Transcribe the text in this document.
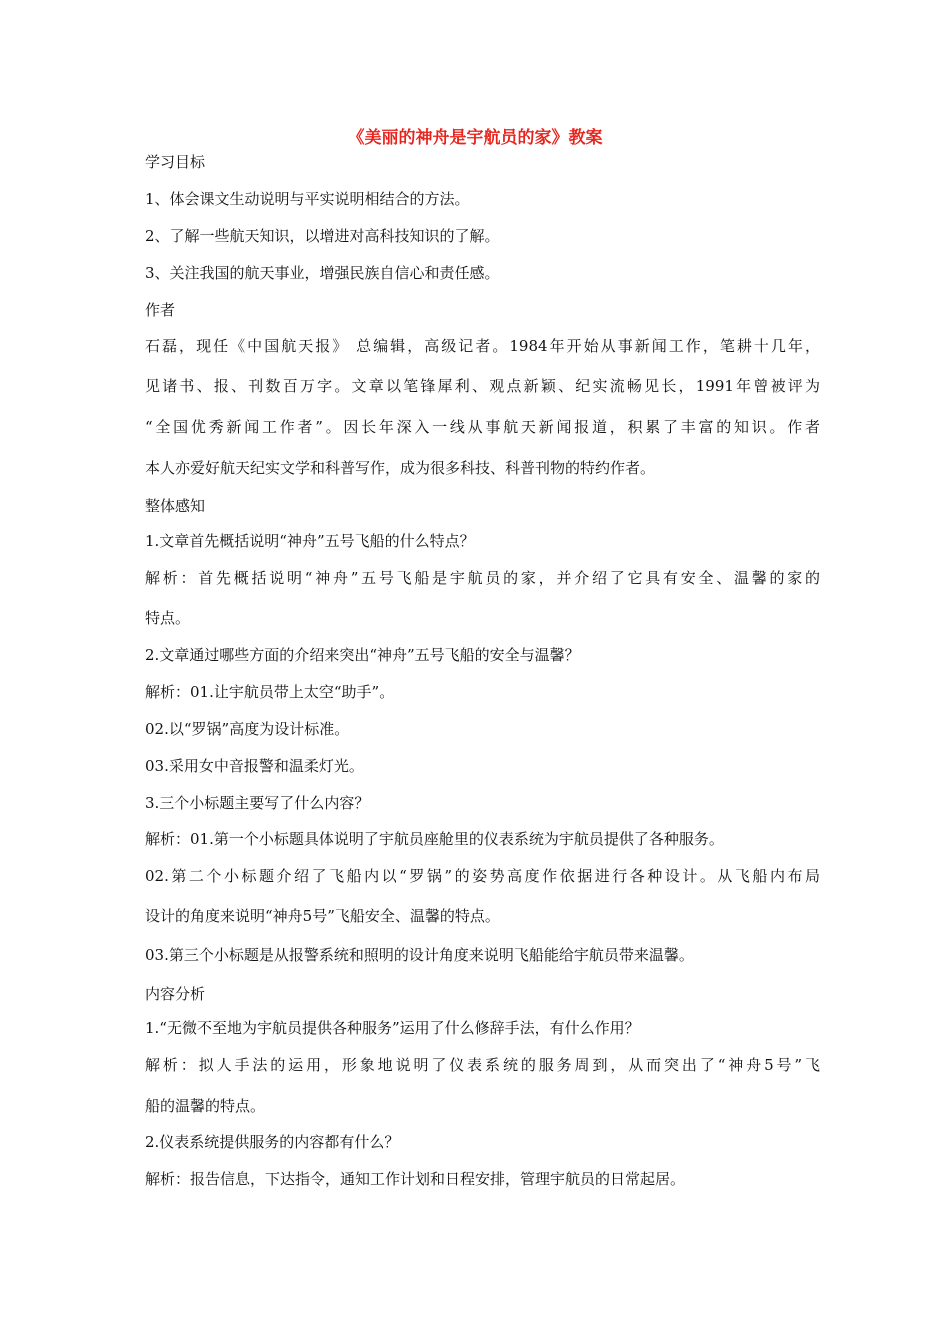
《美丽的神舟是宇航员的家》教案
学习目标
1、体会课文生动说明与平实说明相结合的方法。
2、了解一些航天知识，以增进对高科技知识的了解。
3、关注我国的航天事业，增强民族自信心和责任感。
作者
石磊，现任《中国航天报》 总编辑，高级记者。1984年开始从事新闻工作，笔耕十几年，
见诸书、报、刊数百万字。文章以笔锋犀利、观点新颖、纪实流畅见长，1991年曾被评为
“全国优秀新闻工作者”。因长年深入一线从事航天新闻报道，积累了丰富的知识。作者
本人亦爱好航天纪实文学和科普写作，成为很多科技、科普刊物的特约作者。
整体感知
1.文章首先概括说明“神舟”五号飞船的什么特点？
解析：首先概括说明“神舟”五号飞船是宇航员的家，并介绍了它具有安全、温馨的家的
特点。
2.文章通过哪些方面的介绍来突出“神舟”五号飞船的安全与温馨？
解析：01.让宇航员带上太空“助手”。
02.以“罗锅”高度为设计标准。
03.采用女中音报警和温柔灯光。
3.三个小标题主要写了什么内容？
解析：01.第一个小标题具体说明了宇航员座舱里的仪表系统为宇航员提供了各种服务。
02.第二个小标题介绍了飞船内以“罗锅”的姿势高度作依据进行各种设计。从飞船内布局
设计的角度来说明“神舟5号”飞船安全、温馨的特点。
03.第三个小标题是从报警系统和照明的设计角度来说明飞船能给宇航员带来温馨。
内容分析
1.“无微不至地为宇航员提供各种服务”运用了什么修辞手法，有什么作用？
解析：拟人手法的运用，形象地说明了仪表系统的服务周到，从而突出了“神舟5号”飞
船的温馨的特点。
2.仪表系统提供服务的内容都有什么？
解析：报告信息，下达指令，通知工作计划和日程安排，管理宇航员的日常起居。
